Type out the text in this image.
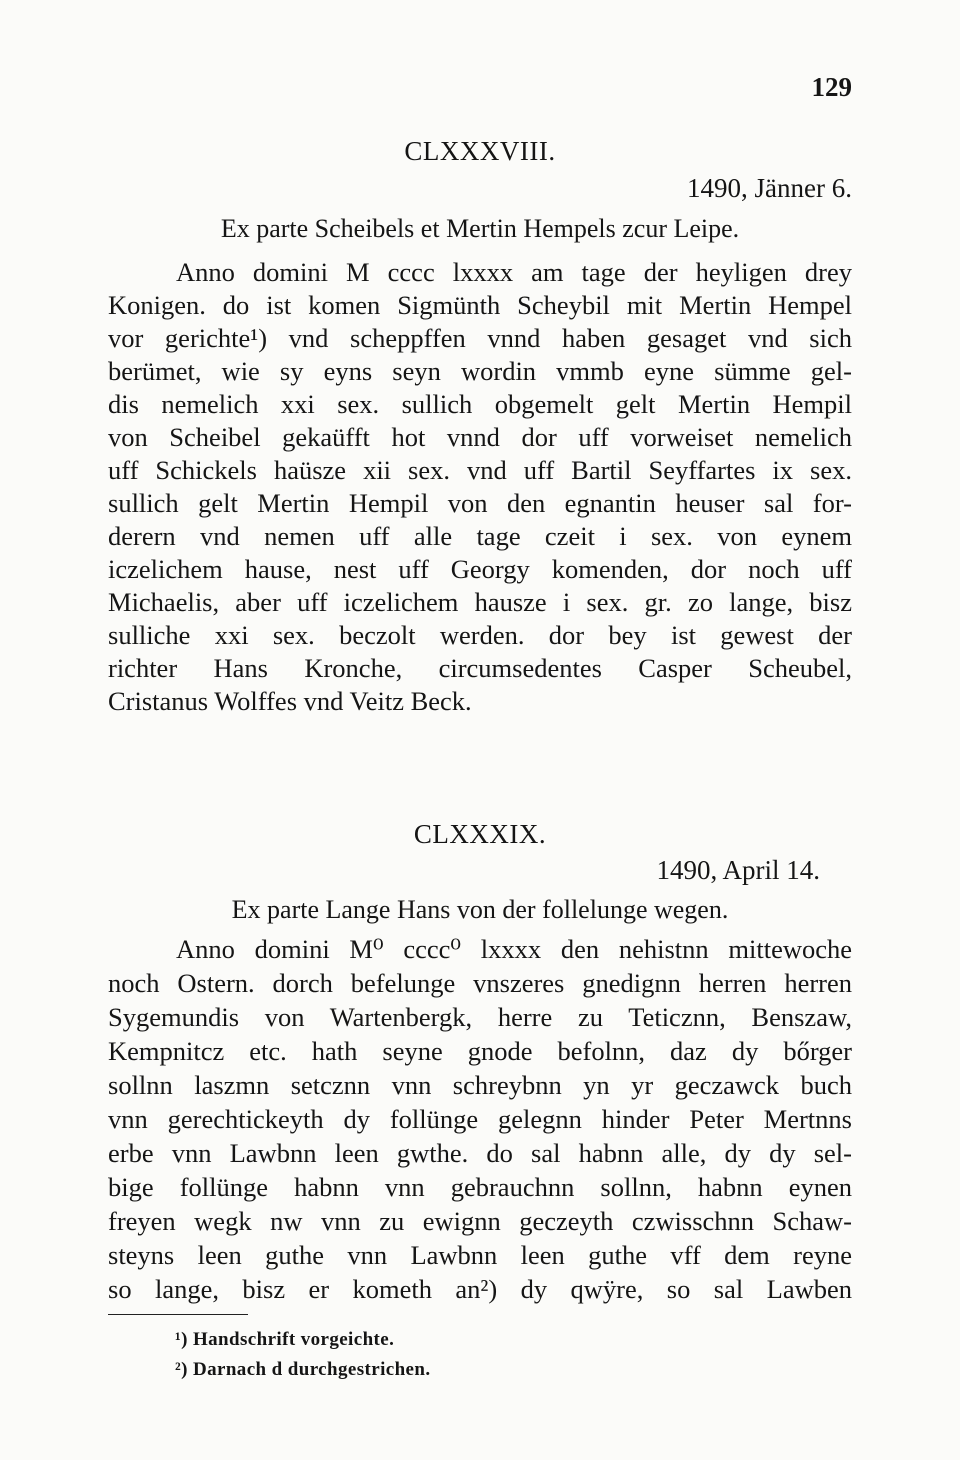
129
CLXXXVIII.
1490, Jänner 6.
Ex parte Scheibels et Mertin Hempels zcur Leipe.
Anno domini M cccc lxxxx am tage der heyligen drey
Konigen. do ist komen Sigmünth Scheybil mit Mertin Hempel
vor gerichte¹) vnd scheppffen vnnd haben gesaget vnd sich
berümet, wie sy eyns seyn wordin vmmb eyne sümme gel-
dis nemelich xxi sex. sullich obgemelt gelt Mertin Hempil
von Scheibel gekaüfft hot vnnd dor uff vorweiset nemelich
uff Schickels haüsze xii sex. vnd uff Bartil Seyffartes ix sex.
sullich gelt Mertin Hempil von den egnantin heuser sal for-
derern vnd nemen uff alle tage czeit i sex. von eynem
iczelichem hause, nest uff Georgy komenden, dor noch uff
Michaelis, aber uff iczelichem hausze i sex. gr. zo lange, bisz
sulliche xxi sex. beczolt werden. dor bey ist gewest der
richter Hans Kronche, circumsedentes Casper Scheubel,
Cristanus Wolffes vnd Veitz Beck.
CLXXXIX.
1490, April 14.
Ex parte Lange Hans von der follelunge wegen.
Anno domini M⁰ cccc⁰ lxxxx den nehistnn mittewoche
noch Ostern. dorch befelunge vnszeres gnedignn herren herren
Sygemundis von Wartenbergk, herre zu Teticznn, Benszaw,
Kempnitcz etc. hath seyne gnode befolnn, daz dy bőrger
sollnn laszmn setcznn vnn schreybnn yn yr geczawck buch
vnn gerechtickeyth dy follünge gelegnn hinder Peter Mertnns
erbe vnn Lawbnn leen gwthe. do sal habnn alle, dy dy sel-
bige follünge habnn vnn gebrauchnn sollnn, habnn eynen
freyen wegk nw vnn zu ewignn geczeyth czwisschnn Schaw-
steyns leen guthe vnn Lawbnn leen guthe vff dem reyne
so lange, bisz er kometh an²) dy qwÿre, so sal Lawben
¹) Handschrift vorgeichte.
²) Darnach d durchgestrichen.
